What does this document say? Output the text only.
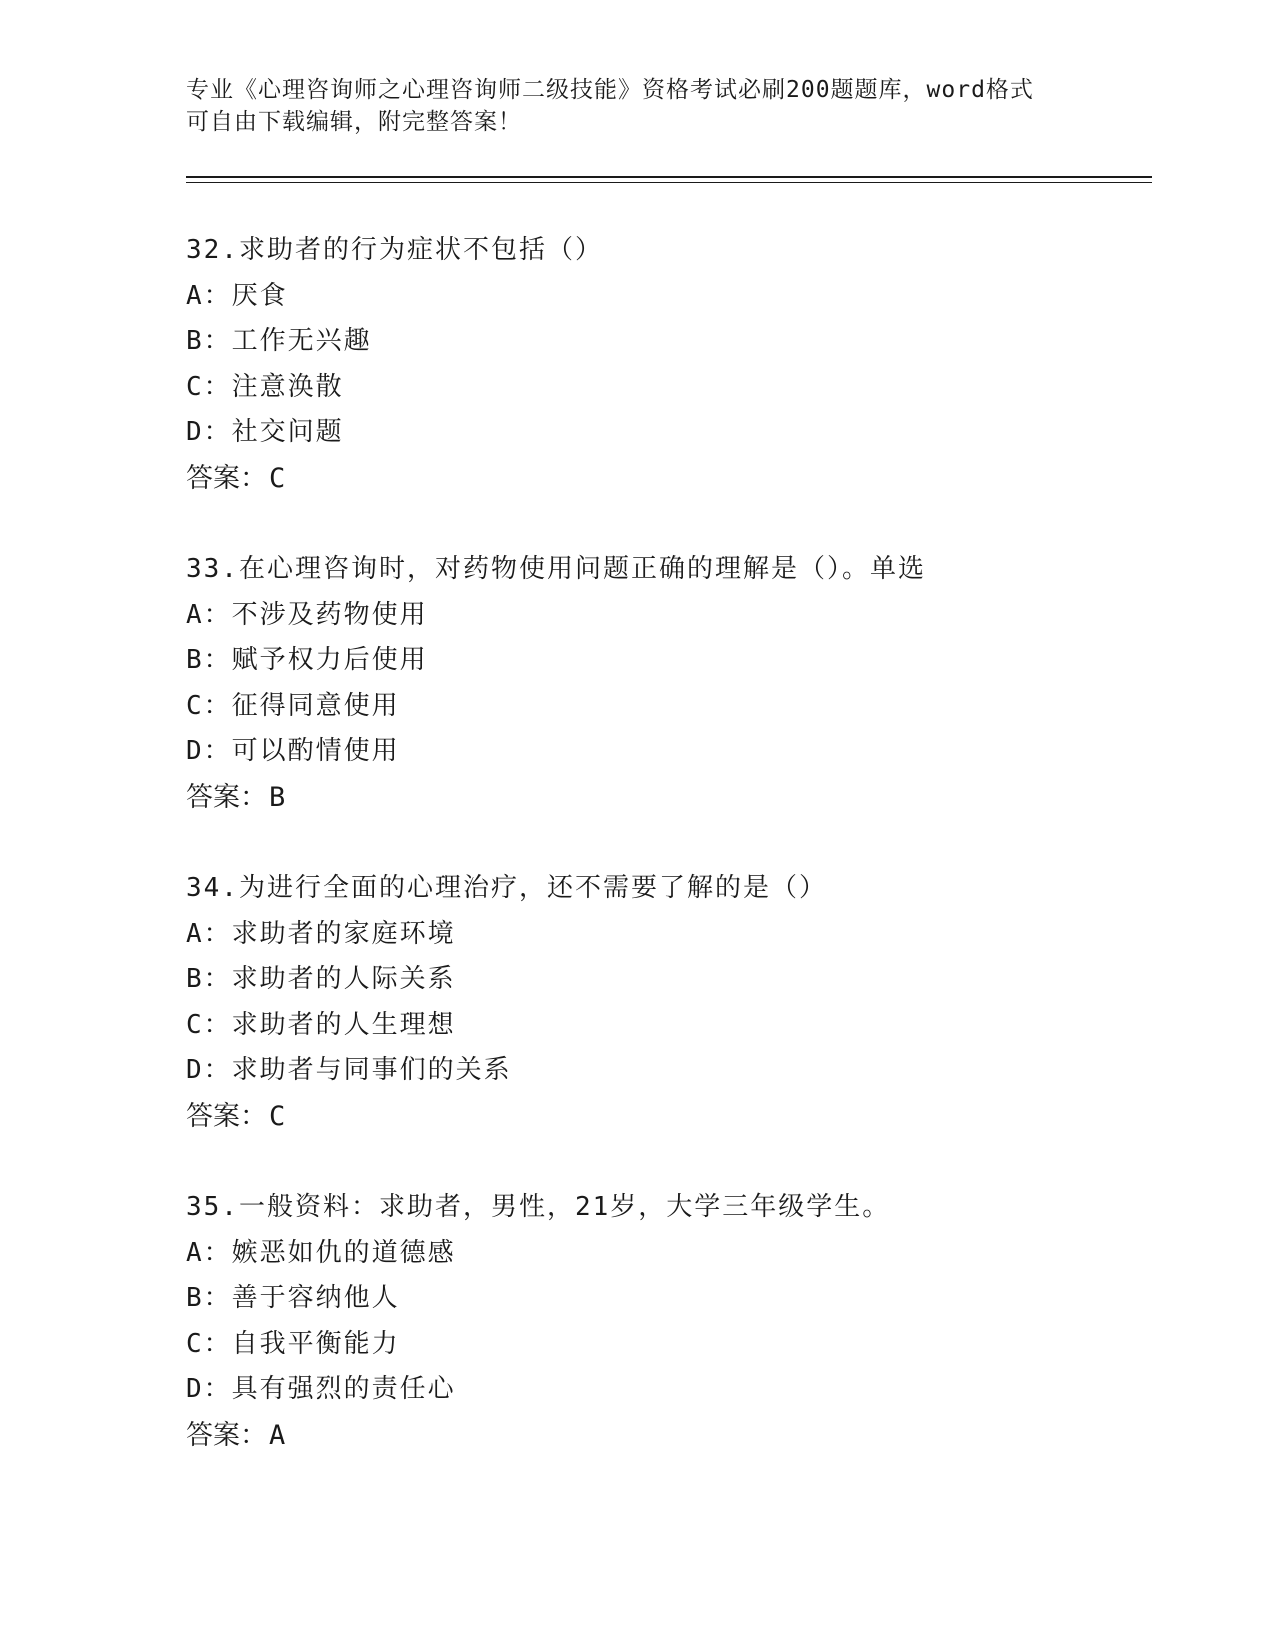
专业《心理咨询师之心理咨询师二级技能》资格考试必刷200题题库，word格式
可自由下载编辑，附完整答案！
32.求助者的行为症状不包括（）
A：厌食
B：工作无兴趣
C：注意涣散
D：社交问题
答案：C
33.在心理咨询时，对药物使用问题正确的理解是（）。单选
A：不涉及药物使用
B：赋予权力后使用
C：征得同意使用
D：可以酌情使用
答案：B
34.为进行全面的心理治疗，还不需要了解的是（）
A：求助者的家庭环境
B：求助者的人际关系
C：求助者的人生理想
D：求助者与同事们的关系
答案：C
35.一般资料：求助者，男性，21岁，大学三年级学生。
A：嫉恶如仇的道德感
B：善于容纳他人
C：自我平衡能力
D：具有强烈的责任心
答案：A
